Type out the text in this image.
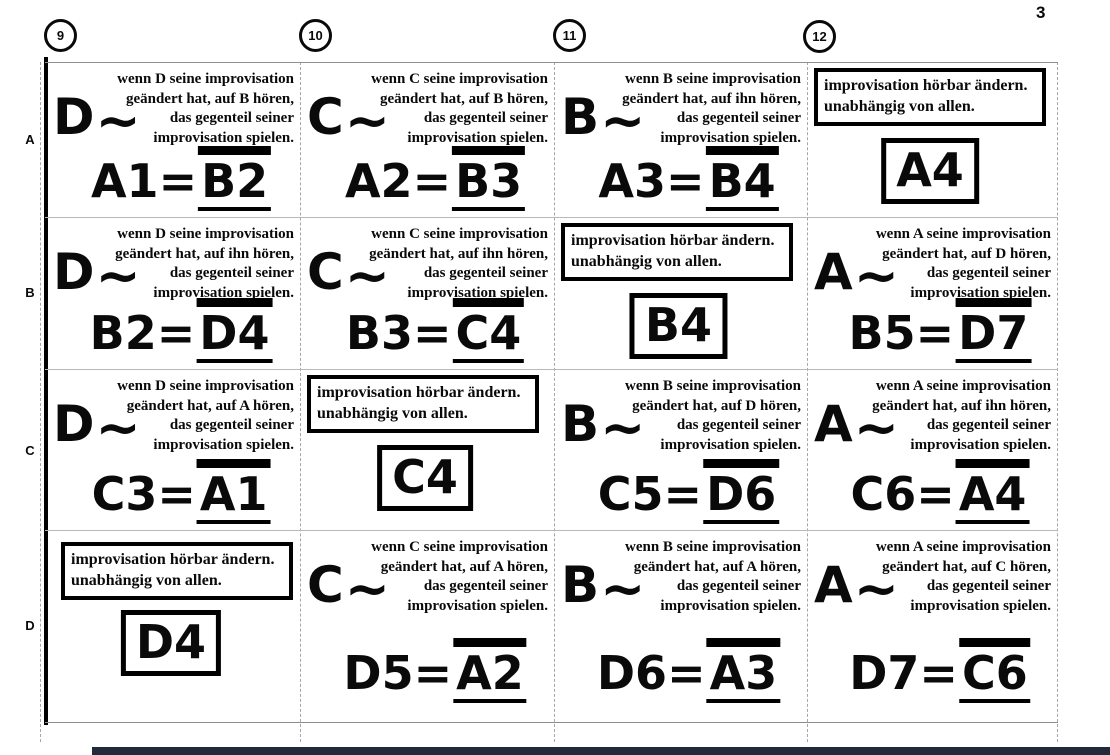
3
9	10	11	12
A
B
C
D
D~
wenn D seine improvisation
geändert hat, auf B hören,
das gegenteil seiner
improvisation spielen.
A1=B2
C~
wenn C seine improvisation
geändert hat, auf B hören,
das gegenteil seiner
improvisation spielen.
A2=B3
B~
wenn B seine improvisation
geändert hat, auf ihn hören,
das gegenteil seiner
improvisation spielen.
A3=B4
improvisation hörbar ändern.
unabhängig von allen.
A4
D~
wenn D seine improvisation
geändert hat, auf ihn hören,
das gegenteil seiner
improvisation spielen.
B2=D4
C~
wenn C seine improvisation
geändert hat, auf ihn hören,
das gegenteil seiner
improvisation spielen.
B3=C4
improvisation hörbar ändern.
unabhängig von allen.
B4
A~
wenn A seine improvisation
geändert hat, auf D hören,
das gegenteil seiner
improvisation spielen.
B5=D7
D~
wenn D seine improvisation
geändert hat, auf A hören,
das gegenteil seiner
improvisation spielen.
C3=A1
improvisation hörbar ändern.
unabhängig von allen.
C4
B~
wenn B seine improvisation
geändert hat, auf D hören,
das gegenteil seiner
improvisation spielen.
C5=D6
A~
wenn A seine improvisation
geändert hat, auf ihn hören,
das gegenteil seiner
improvisation spielen.
C6=A4
improvisation hörbar ändern.
unabhängig von allen.
D4
C~
wenn C seine improvisation
geändert hat, auf A hören,
das gegenteil seiner
improvisation spielen.
D5=A2
B~
wenn B seine improvisation
geändert hat, auf A hören,
das gegenteil seiner
improvisation spielen.
D6=A3
A~
wenn A seine improvisation
geändert hat, auf C hören,
das gegenteil seiner
improvisation spielen.
D7=C6
